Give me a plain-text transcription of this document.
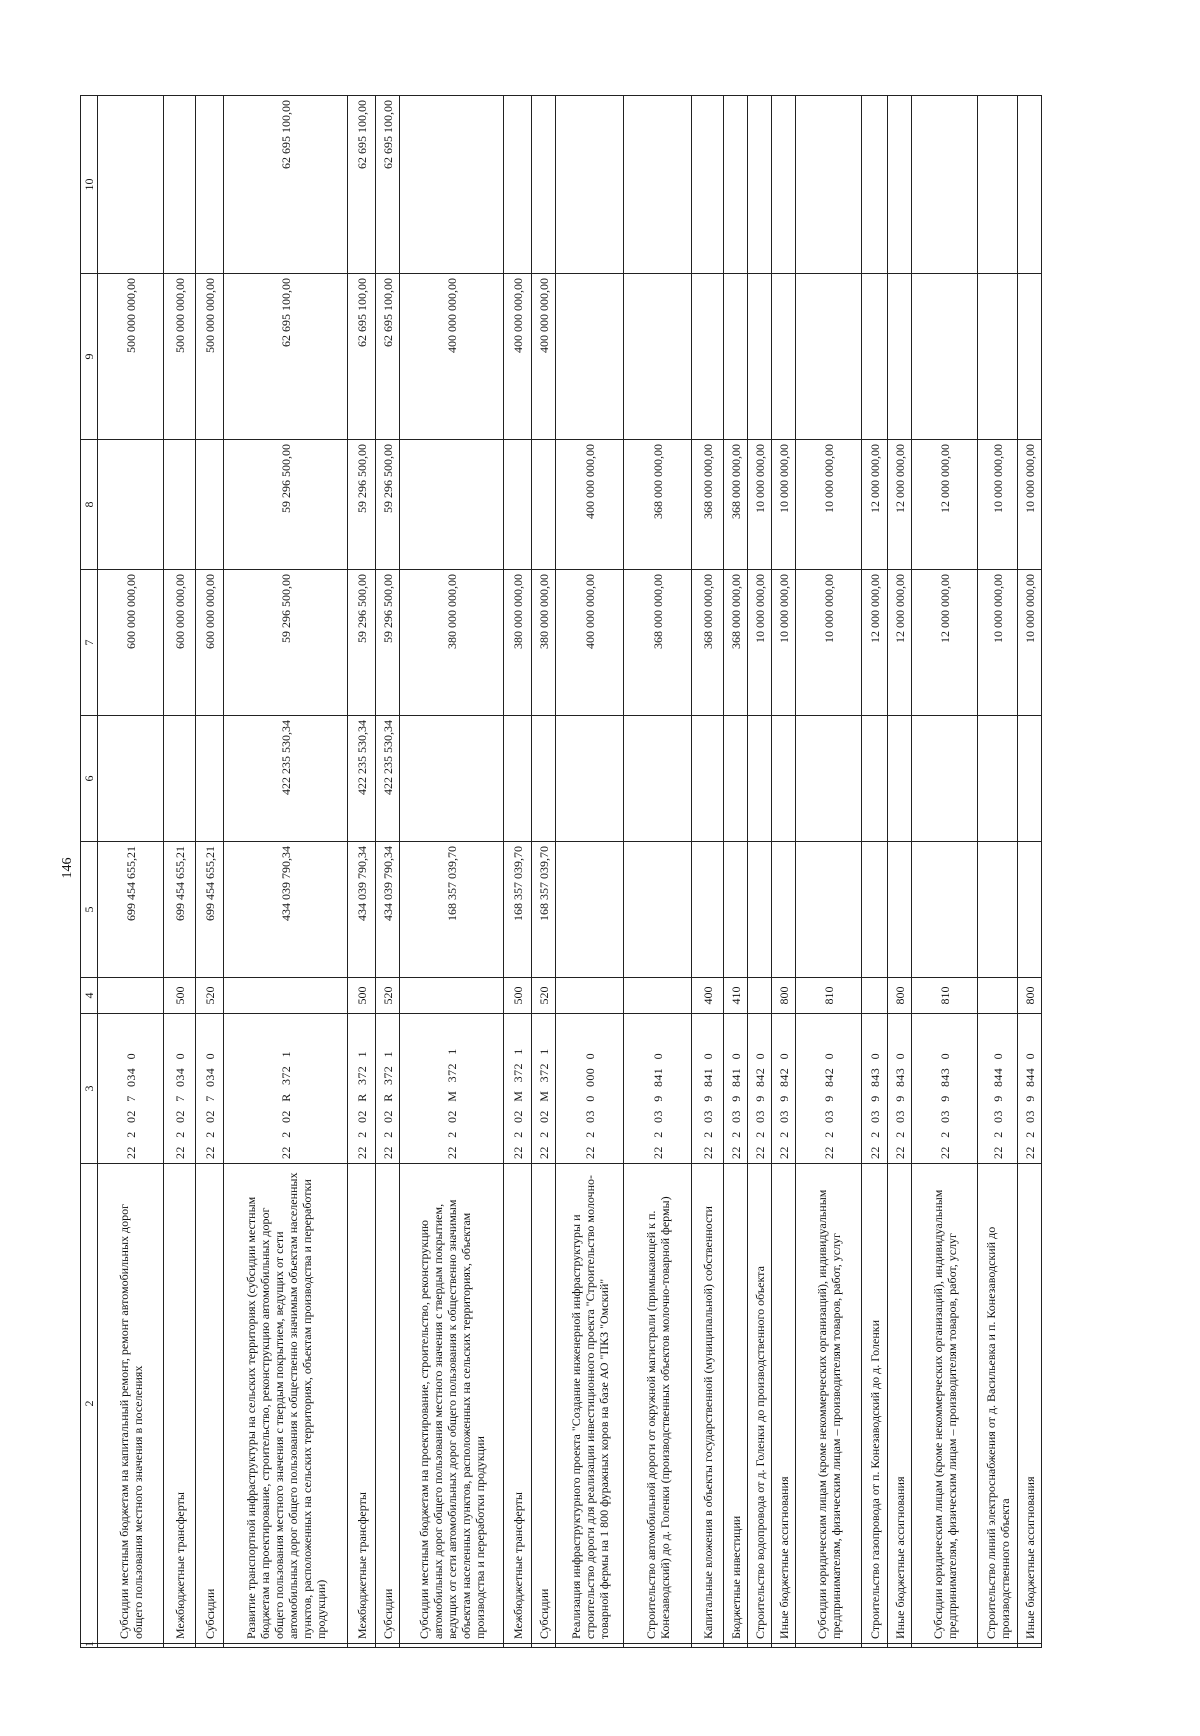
146
1	2	3	4	5	6	7	8	9	10
	Субсидии местным бюджетам на капитальный ремонт, ремонт автомобильных дорог общего пользования местного значения в поселениях	22 2 02 7 034 0		699 454 655,21		600 000 000,00		500 000 000,00	
	Межбюджетные трансферты	22 2 02 7 034 0	500	699 454 655,21		600 000 000,00		500 000 000,00	
	Субсидии	22 2 02 7 034 0	520	699 454 655,21		600 000 000,00		500 000 000,00	
	Развитие транспортной инфраструктуры на сельских территориях (субсидии местным бюджетам на проектирование, строительство, реконструкцию автомобильных дорог общего пользования местного значения с твердым покрытием, ведущих от сети автомобильных дорог общего пользования к общественно значимым объектам населенных пунктов, расположенных на сельских территориях, объектам производства и переработки продукции)	22 2 02 R 372 1		434 039 790,34	422 235 530,34	59 296 500,00	59 296 500,00	62 695 100,00	62 695 100,00
	Межбюджетные трансферты	22 2 02 R 372 1	500	434 039 790,34	422 235 530,34	59 296 500,00	59 296 500,00	62 695 100,00	62 695 100,00
	Субсидии	22 2 02 R 372 1	520	434 039 790,34	422 235 530,34	59 296 500,00	59 296 500,00	62 695 100,00	62 695 100,00
	Субсидии местным бюджетам на проектирование, строительство, реконструкцию автомобильных дорог общего пользования местного значения с твердым покрытием, ведущих от сети автомобильных дорог общего пользования к общественно значимым объектам населенных пунктов, расположенных на сельских территориях, объектам производства и переработки продукции	22 2 02 M 372 1		168 357 039,70		380 000 000,00		400 000 000,00	
	Межбюджетные трансферты	22 2 02 M 372 1	500	168 357 039,70		380 000 000,00		400 000 000,00	
	Субсидии	22 2 02 M 372 1	520	168 357 039,70		380 000 000,00		400 000 000,00	
	Реализация инфраструктурного проекта "Создание инженерной инфраструктуры и строительство дороги для реализации инвестиционного проекта "Строительство молочно-товарной фермы на 1 800 фуражных коров на базе АО "ПКЗ "Омский"	22 2 03 0 000 0				400 000 000,00	400 000 000,00		
	Строительство автомобильной дороги от окружной магистрали (примыкающей к п. Конезаводский) до д. Голенки (производственных объектов молочно-товарной фермы)	22 2 03 9 841 0				368 000 000,00	368 000 000,00		
	Капитальные вложения в объекты государственной (муниципальной) собственности	22 2 03 9 841 0	400			368 000 000,00	368 000 000,00		
	Бюджетные инвестиции	22 2 03 9 841 0	410			368 000 000,00	368 000 000,00		
	Строительство водопровода от д. Голенки до производственного объекта	22 2 03 9 842 0				10 000 000,00	10 000 000,00		
	Иные бюджетные ассигнования	22 2 03 9 842 0	800			10 000 000,00	10 000 000,00		
	Субсидии юридическим лицам (кроме некоммерческих организаций), индивидуальным предпринимателям, физическим лицам – производителям товаров, работ, услуг	22 2 03 9 842 0	810			10 000 000,00	10 000 000,00		
	Строительство газопровода от п. Конезаводский до д. Голенки	22 2 03 9 843 0				12 000 000,00	12 000 000,00		
	Иные бюджетные ассигнования	22 2 03 9 843 0	800			12 000 000,00	12 000 000,00		
	Субсидии юридическим лицам (кроме некоммерческих организаций), индивидуальным предпринимателям, физическим лицам – производителям товаров, работ, услуг	22 2 03 9 843 0	810			12 000 000,00	12 000 000,00		
	Строительство линий электроснабжения от д. Васильевка и п. Конезаводский до производственного объекта	22 2 03 9 844 0				10 000 000,00	10 000 000,00		
	Иные бюджетные ассигнования	22 2 03 9 844 0	800			10 000 000,00	10 000 000,00		
